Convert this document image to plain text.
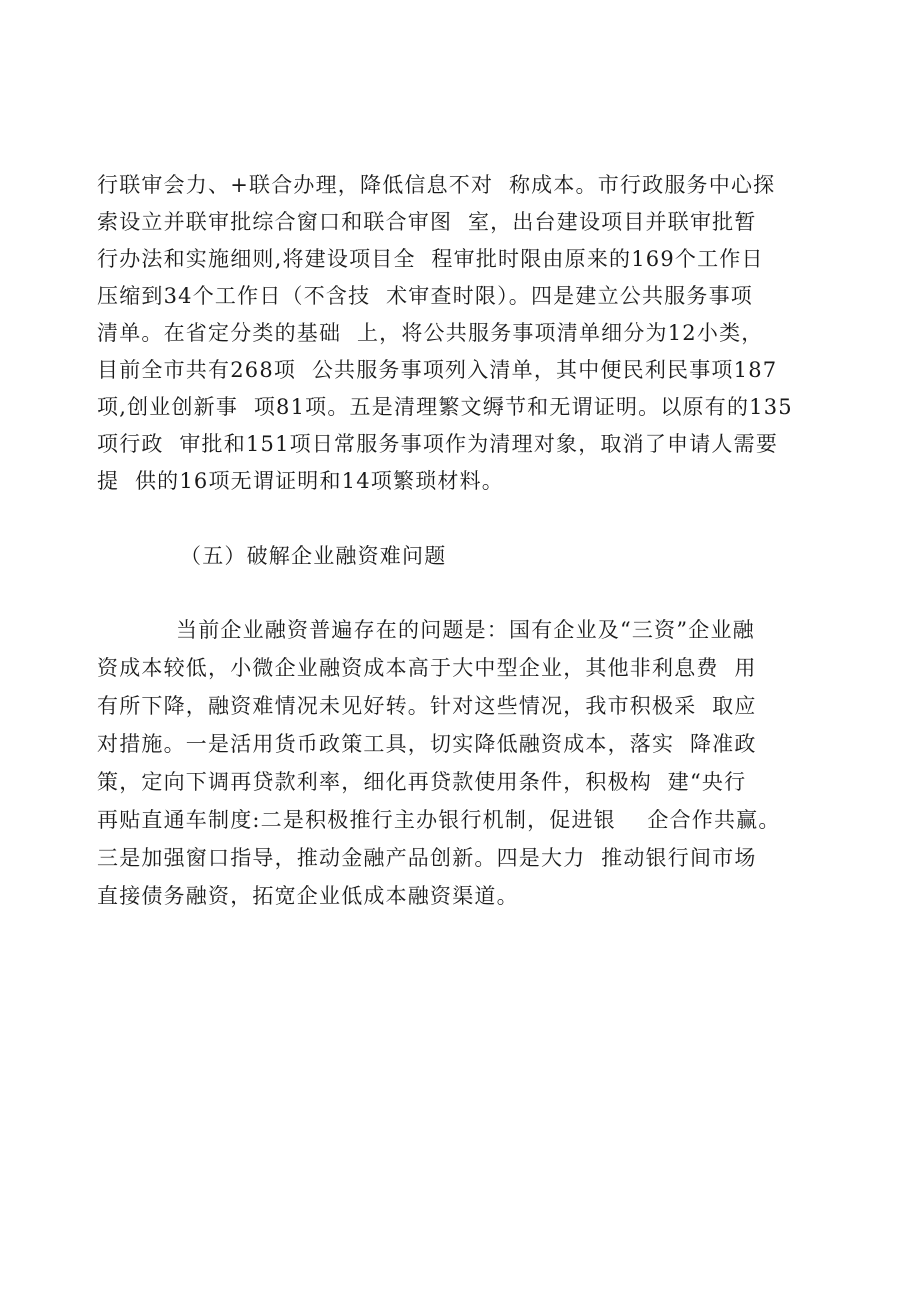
行联审会力、+联合办理，降低信息不对  称成本。市行政服务中心探
索设立并联审批综合窗口和联合审图  室，出台建设项目并联审批暂
行办法和实施细则,将建设项目全  程审批时限由原来的169个工作日
压缩到34个工作日（不含技  术审查时限）。四是建立公共服务事项
清单。在省定分类的基础  上，将公共服务事项清单细分为12小类，
目前全市共有268项  公共服务事项列入清单，其中便民利民事项187
项,创业创新事  项81项。五是清理繁文缛节和无谓证明。以原有的135
项行政  审批和151项日常服务事项作为清理对象，取消了申请人需要
提  供的16项无谓证明和14项繁琐材料。
（五）破解企业融资难问题
当前企业融资普遍存在的问题是：国有企业及“三资”企业融
资成本较低，小微企业融资成本高于大中型企业，其他非利息费  用
有所下降，融资难情况未见好转。针对这些情况，我市积极采  取应
对措施。一是活用货币政策工具，切实降低融资成本，落实  降准政
策，定向下调再贷款利率，细化再贷款使用条件，积极构  建“央行
再贴直通车制度:二是积极推行主办银行机制，促进银    企合作共赢。
三是加强窗口指导，推动金融产品创新。四是大力  推动银行间市场
直接债务融资，拓宽企业低成本融资渠道。
